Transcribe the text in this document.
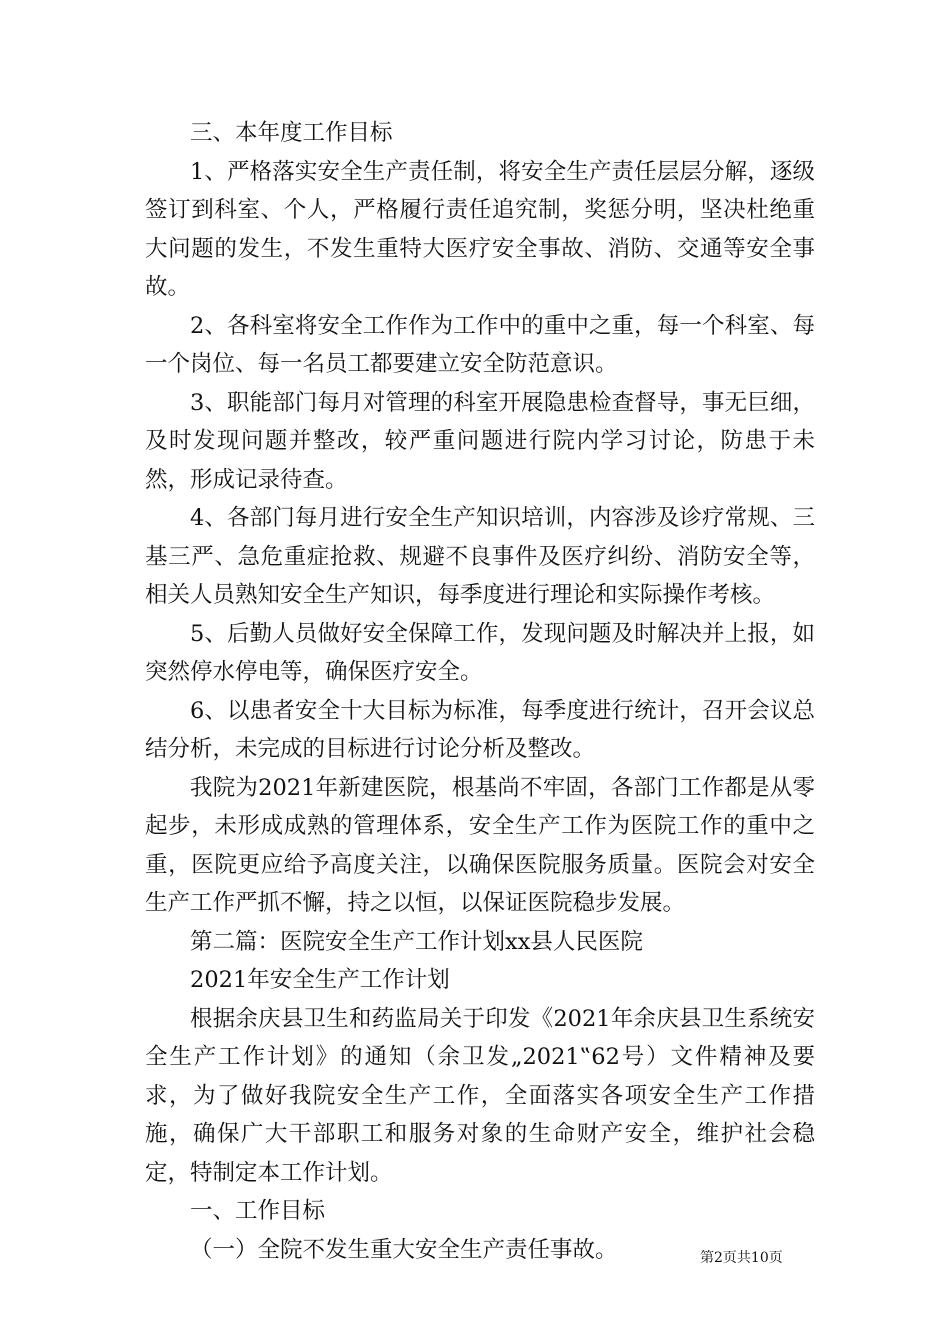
三、本年度工作目标

1、严格落实安全生产责任制，将安全生产责任层层分解，逐级签订到科室、个人，严格履行责任追究制，奖惩分明，坚决杜绝重大问题的发生，不发生重特大医疗安全事故、消防、交通等安全事故。

2、各科室将安全工作作为工作中的重中之重，每一个科室、每一个岗位、每一名员工都要建立安全防范意识。

3、职能部门每月对管理的科室开展隐患检查督导，事无巨细，及时发现问题并整改，较严重问题进行院内学习讨论，防患于未然，形成记录待查。

4、各部门每月进行安全生产知识培训，内容涉及诊疗常规、三基三严、急危重症抢救、规避不良事件及医疗纠纷、消防安全等，相关人员熟知安全生产知识，每季度进行理论和实际操作考核。

5、后勤人员做好安全保障工作，发现问题及时解决并上报，如突然停水停电等，确保医疗安全。

6、以患者安全十大目标为标准，每季度进行统计，召开会议总结分析，未完成的目标进行讨论分析及整改。

我院为2021年新建医院，根基尚不牢固，各部门工作都是从零起步，未形成成熟的管理体系，安全生产工作为医院工作的重中之重，医院更应给予高度关注，以确保医院服务质量。医院会对安全生产工作严抓不懈，持之以恒，以保证医院稳步发展。

第二篇：医院安全生产工作计划xx县人民医院

2021年安全生产工作计划

根据余庆县卫生和药监局关于印发《2021年余庆县卫生系统安全生产工作计划》的通知（余卫发„2021‟62号）文件精神及要求，为了做好我院安全生产工作，全面落实各项安全生产工作措施，确保广大干部职工和服务对象的生命财产安全，维护社会稳定，特制定本工作计划。

一、工作目标

（一）全院不发生重大安全生产责任事故。	第2页共10页
